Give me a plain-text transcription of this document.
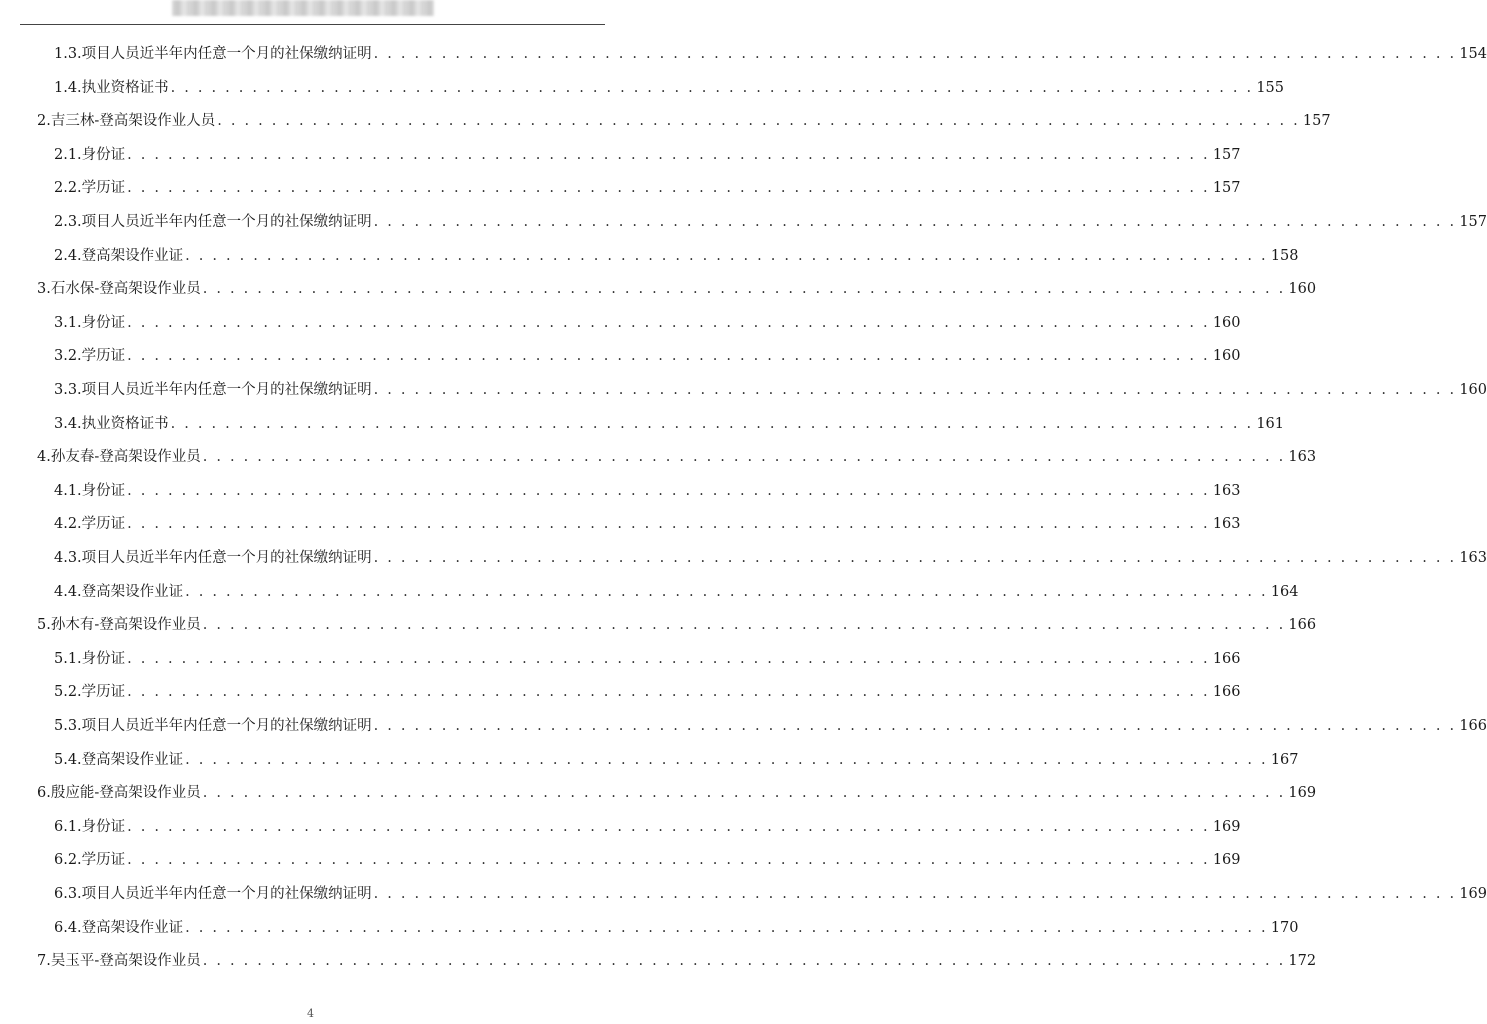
1.3.项目人员近半年内任意一个月的社保缴纳证明 . . . . . . . . . . . . . . . . . . . . . . . . . . . . . . . . . . . . . . . . . . . . . . . . . . . . . . . . . . . . . . . . . . . . . . . . . . . . . . . . 154
1.4.执业资格证书 . . . . . . . . . . . . . . . . . . . . . . . . . . . . . . . . . . . . . . . . . . . . . . . . . . . . . . . . . . . . . . . . . . . . . . . . . . . . . . . . 155
2.吉三林-登高架设作业人员 . . . . . . . . . . . . . . . . . . . . . . . . . . . . . . . . . . . . . . . . . . . . . . . . . . . . . . . . . . . . . . . . . . . . . . . . . . . . . . . . 157
2.1.身份证 . . . . . . . . . . . . . . . . . . . . . . . . . . . . . . . . . . . . . . . . . . . . . . . . . . . . . . . . . . . . . . . . . . . . . . . . . . . . . . . . 157
2.2.学历证 . . . . . . . . . . . . . . . . . . . . . . . . . . . . . . . . . . . . . . . . . . . . . . . . . . . . . . . . . . . . . . . . . . . . . . . . . . . . . . . . 157
2.3.项目人员近半年内任意一个月的社保缴纳证明 . . . . . . . . . . . . . . . . . . . . . . . . . . . . . . . . . . . . . . . . . . . . . . . . . . . . . . . . . . . . . . . . . . . . . . . . . . . . . . . . 157
2.4.登高架设作业证 . . . . . . . . . . . . . . . . . . . . . . . . . . . . . . . . . . . . . . . . . . . . . . . . . . . . . . . . . . . . . . . . . . . . . . . . . . . . . . . . 158
3.石水保-登高架设作业员 . . . . . . . . . . . . . . . . . . . . . . . . . . . . . . . . . . . . . . . . . . . . . . . . . . . . . . . . . . . . . . . . . . . . . . . . . . . . . . . . 160
3.1.身份证 . . . . . . . . . . . . . . . . . . . . . . . . . . . . . . . . . . . . . . . . . . . . . . . . . . . . . . . . . . . . . . . . . . . . . . . . . . . . . . . . 160
3.2.学历证 . . . . . . . . . . . . . . . . . . . . . . . . . . . . . . . . . . . . . . . . . . . . . . . . . . . . . . . . . . . . . . . . . . . . . . . . . . . . . . . . 160
3.3.项目人员近半年内任意一个月的社保缴纳证明 . . . . . . . . . . . . . . . . . . . . . . . . . . . . . . . . . . . . . . . . . . . . . . . . . . . . . . . . . . . . . . . . . . . . . . . . . . . . . . . . 160
3.4.执业资格证书 . . . . . . . . . . . . . . . . . . . . . . . . . . . . . . . . . . . . . . . . . . . . . . . . . . . . . . . . . . . . . . . . . . . . . . . . . . . . . . . . 161
4.孙友春-登高架设作业员 . . . . . . . . . . . . . . . . . . . . . . . . . . . . . . . . . . . . . . . . . . . . . . . . . . . . . . . . . . . . . . . . . . . . . . . . . . . . . . . . 163
4.1.身份证 . . . . . . . . . . . . . . . . . . . . . . . . . . . . . . . . . . . . . . . . . . . . . . . . . . . . . . . . . . . . . . . . . . . . . . . . . . . . . . . . 163
4.2.学历证 . . . . . . . . . . . . . . . . . . . . . . . . . . . . . . . . . . . . . . . . . . . . . . . . . . . . . . . . . . . . . . . . . . . . . . . . . . . . . . . . 163
4.3.项目人员近半年内任意一个月的社保缴纳证明 . . . . . . . . . . . . . . . . . . . . . . . . . . . . . . . . . . . . . . . . . . . . . . . . . . . . . . . . . . . . . . . . . . . . . . . . . . . . . . . . 163
4.4.登高架设作业证 . . . . . . . . . . . . . . . . . . . . . . . . . . . . . . . . . . . . . . . . . . . . . . . . . . . . . . . . . . . . . . . . . . . . . . . . . . . . . . . . 164
5.孙木有-登高架设作业员 . . . . . . . . . . . . . . . . . . . . . . . . . . . . . . . . . . . . . . . . . . . . . . . . . . . . . . . . . . . . . . . . . . . . . . . . . . . . . . . . 166
5.1.身份证 . . . . . . . . . . . . . . . . . . . . . . . . . . . . . . . . . . . . . . . . . . . . . . . . . . . . . . . . . . . . . . . . . . . . . . . . . . . . . . . . 166
5.2.学历证 . . . . . . . . . . . . . . . . . . . . . . . . . . . . . . . . . . . . . . . . . . . . . . . . . . . . . . . . . . . . . . . . . . . . . . . . . . . . . . . . 166
5.3.项目人员近半年内任意一个月的社保缴纳证明 . . . . . . . . . . . . . . . . . . . . . . . . . . . . . . . . . . . . . . . . . . . . . . . . . . . . . . . . . . . . . . . . . . . . . . . . . . . . . . . . 166
5.4.登高架设作业证 . . . . . . . . . . . . . . . . . . . . . . . . . . . . . . . . . . . . . . . . . . . . . . . . . . . . . . . . . . . . . . . . . . . . . . . . . . . . . . . . 167
6.殷应能-登高架设作业员 . . . . . . . . . . . . . . . . . . . . . . . . . . . . . . . . . . . . . . . . . . . . . . . . . . . . . . . . . . . . . . . . . . . . . . . . . . . . . . . . 169
6.1.身份证 . . . . . . . . . . . . . . . . . . . . . . . . . . . . . . . . . . . . . . . . . . . . . . . . . . . . . . . . . . . . . . . . . . . . . . . . . . . . . . . . 169
6.2.学历证 . . . . . . . . . . . . . . . . . . . . . . . . . . . . . . . . . . . . . . . . . . . . . . . . . . . . . . . . . . . . . . . . . . . . . . . . . . . . . . . . 169
6.3.项目人员近半年内任意一个月的社保缴纳证明 . . . . . . . . . . . . . . . . . . . . . . . . . . . . . . . . . . . . . . . . . . . . . . . . . . . . . . . . . . . . . . . . . . . . . . . . . . . . . . . . 169
6.4.登高架设作业证 . . . . . . . . . . . . . . . . . . . . . . . . . . . . . . . . . . . . . . . . . . . . . . . . . . . . . . . . . . . . . . . . . . . . . . . . . . . . . . . . 170
7.吴玉平-登高架设作业员 . . . . . . . . . . . . . . . . . . . . . . . . . . . . . . . . . . . . . . . . . . . . . . . . . . . . . . . . . . . . . . . . . . . . . . . . . . . . . . . . 172
4
